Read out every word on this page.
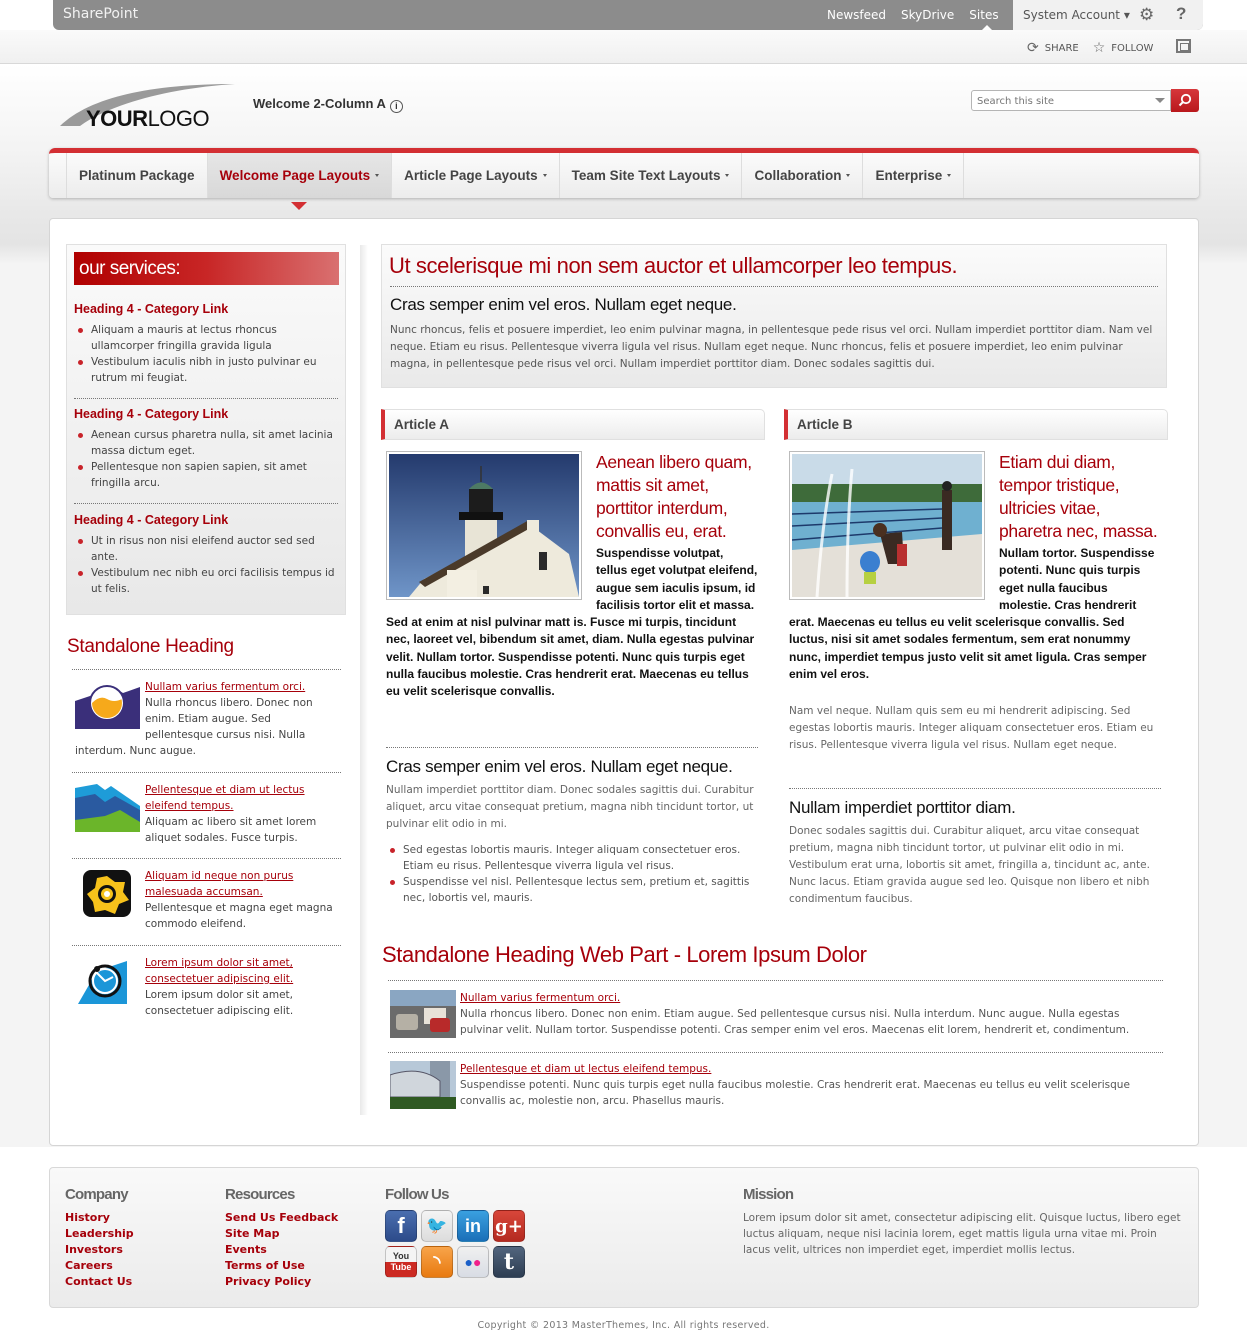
SharePoint	Newsfeed SkyDrive Sites System Account ▾ ⚙ ?
⟳ SHARE ☆ FOLLOW
YOURLOGO
Welcome 2-Column A i
Search this site
Platinum Package Welcome Page Layouts	Article Page Layouts	Team Site Text Layouts	Collaboration	Enterprise
our services:
Heading 4 - Category Link
Aliquam a mauris at lectus rhoncus ullamcorper fringilla gravida ligula
Vestibulum iaculis nibh in justo pulvinar eu rutrum mi feugiat.
Heading 4 - Category Link
Aenean cursus pharetra nulla, sit amet lacinia massa dictum eget.
Pellentesque non sapien sapien, sit amet fringilla arcu.
Heading 4 - Category Link
Ut in risus non nisi eleifend auctor sed sed ante.
Vestibulum nec nibh eu orci facilisis tempus id ut felis.
Standalone Heading
Nullam varius fermentum orci.
Nulla rhoncus libero. Donec non enim. Etiam augue. Sed pellentesque cursus nisi. Nulla interdum. Nunc augue.
Pellentesque et diam ut lectus eleifend tempus.
Aliquam ac libero sit amet lorem aliquet sodales. Fusce turpis.
Aliquam id neque non purus malesuada accumsan.
Pellentesque et magna eget magna commodo eleifend.
Lorem ipsum dolor sit amet, consectetuer adipiscing elit.
Lorem ipsum dolor sit amet, consectetuer adipiscing elit.
Ut scelerisque mi non sem auctor et ullamcorper leo tempus.
Cras semper enim vel eros. Nullam eget neque.

Nunc rhoncus, felis et posuere imperdiet, leo enim pulvinar magna, in pellentesque pede risus vel orci. Nullam imperdiet porttitor diam. Nam vel neque. Etiam eu risus. Pellentesque viverra ligula vel risus. Nullam eget neque. Nunc rhoncus, felis et posuere imperdiet, leo enim pulvinar magna, in pellentesque pede risus vel orci. Nullam imperdiet porttitor diam. Donec sodales sagittis dui.

Article A	Article B
Aenean libero quam, mattis sit amet, porttitor interdum, convallis eu, erat.
Suspendisse volutpat, tellus eget volutpat eleifend, augue sem iaculis ipsum, id facilisis tortor elit et massa. Sed at enim at nisl pulvinar matt is. Fusce mi turpis, tincidunt nec, laoreet vel, bibendum sit amet, diam. Nulla egestas pulvinar velit. Nullam tortor. Suspendisse potenti. Nunc quis turpis eget nulla faucibus molestie. Cras hendrerit erat. Maecenas eu tellus eu velit scelerisque convallis.
Cras semper enim vel eros. Nullam eget neque.

Nullam imperdiet porttitor diam. Donec sodales sagittis dui. Curabitur aliquet, arcu vitae consequat pretium, magna nibh tincidunt tortor, ut pulvinar elit odio in mi.

Sed egestas lobortis mauris. Integer aliquam consectetuer eros. Etiam eu risus. Pellentesque viverra ligula vel risus.
Suspendisse vel nisl. Pellentesque lectus sem, pretium et, sagittis nec, lobortis vel, mauris.
Etiam dui diam, tempor tristique, ultricies vitae, pharetra nec, massa.
Nullam tortor. Suspendisse potenti. Nunc quis turpis eget nulla faucibus molestie. Cras hendrerit erat. Maecenas eu tellus eu velit scelerisque convallis. Sed luctus, nisi sit amet sodales fermentum, sem erat nonummy nunc, imperdiet tempus justo velit sit amet ligula. Cras semper enim vel eros.
Nam vel neque. Nullam quis sem eu mi hendrerit adipiscing. Sed egestas lobortis mauris. Integer aliquam consectetuer eros. Etiam eu risus. Pellentesque viverra ligula vel risus. Nullam eget neque.
Nullam imperdiet porttitor diam.

Donec sodales sagittis dui. Curabitur aliquet, arcu vitae consequat pretium, magna nibh tincidunt tortor, ut pulvinar elit odio in mi. Vestibulum erat urna, lobortis sit amet, fringilla a, tincidunt ac, ante. Nunc lacus. Etiam gravida augue sed leo. Quisque non libero et nibh condimentum faucibus.

Standalone Heading Web Part - Lorem Ipsum Dolor
Nullam varius fermentum orci.
Nulla rhoncus libero. Donec non enim. Etiam augue. Sed pellentesque cursus nisi. Nulla interdum. Nunc augue. Nulla egestas pulvinar velit. Nullam tortor. Suspendisse potenti. Cras semper enim vel eros. Maecenas elit lorem, hendrerit et, condimentum.
Pellentesque et diam ut lectus eleifend tempus.
Suspendisse potenti. Nunc quis turpis eget nulla faucibus molestie. Cras hendrerit erat. Maecenas eu tellus eu velit scelerisque convallis ac, molestie non, arcu. Phasellus mauris.
Company
History
Leadership
Investors
Careers
Contact Us
Resources
Send Us Feedback
Site Map
Events
Terms of Use
Privacy Policy
Follow Us
f	🐦 in g+
You
Tube	◝	● ●	t
Mission

Lorem ipsum dolor sit amet, consectetur adipiscing elit. Quisque luctus, libero eget luctus aliquam, neque nisi lacinia lorem, eget mattis ligula urna vitae mi. Proin lacus velit, ultrices non imperdiet eget, imperdiet mollis lectus.

Copyright © 2013 MasterThemes, Inc. All rights reserved.
